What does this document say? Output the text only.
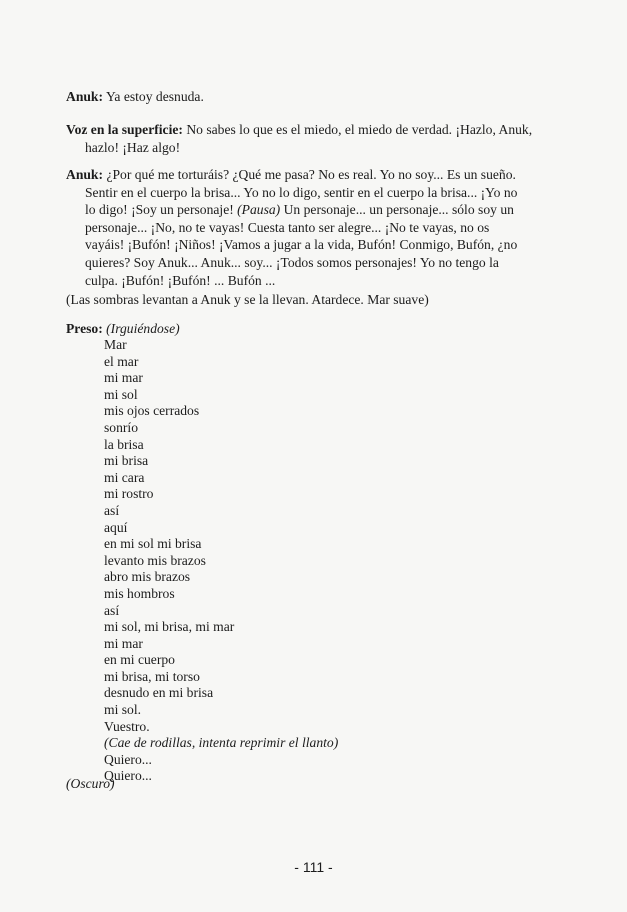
Anuk: Ya estoy desnuda.
Voz en la superficie: No sabes lo que es el miedo, el miedo de verdad. ¡Hazlo, Anuk,
hazlo! ¡Haz algo!
Anuk: ¿Por qué me torturáis? ¿Qué me pasa? No es real. Yo no soy... Es un sueño.
Sentir en el cuerpo la brisa... Yo no lo digo, sentir en el cuerpo la brisa... ¡Yo no
lo digo! ¡Soy un personaje! (Pausa) Un personaje... un personaje... sólo soy un
personaje... ¡No, no te vayas! Cuesta tanto ser alegre... ¡No te vayas, no os
vayáis! ¡Bufón! ¡Niños! ¡Vamos a jugar a la vida, Bufón! Conmigo, Bufón, ¿no
quieres? Soy Anuk... Anuk... soy... ¡Todos somos personajes! Yo no tengo la
culpa. ¡Bufón! ¡Bufón! ... Bufón ...
(Las sombras levantan a Anuk y se la llevan. Atardece. Mar suave)
Preso: (Irguiéndose)
Mar
el mar
mi mar
mi sol
mis ojos cerrados
sonrío
la brisa
mi brisa
mi cara
mi rostro
así
aquí
en mi sol mi brisa
levanto mis brazos
abro mis brazos
mis hombros
así
mi sol, mi brisa, mi mar
mi mar
en mi cuerpo
mi brisa, mi torso
desnudo en mi brisa
mi sol.
Vuestro.
(Cae de rodillas, intenta reprimir el llanto)
Quiero...
Quiero...
(Oscuro)
- 111 -
